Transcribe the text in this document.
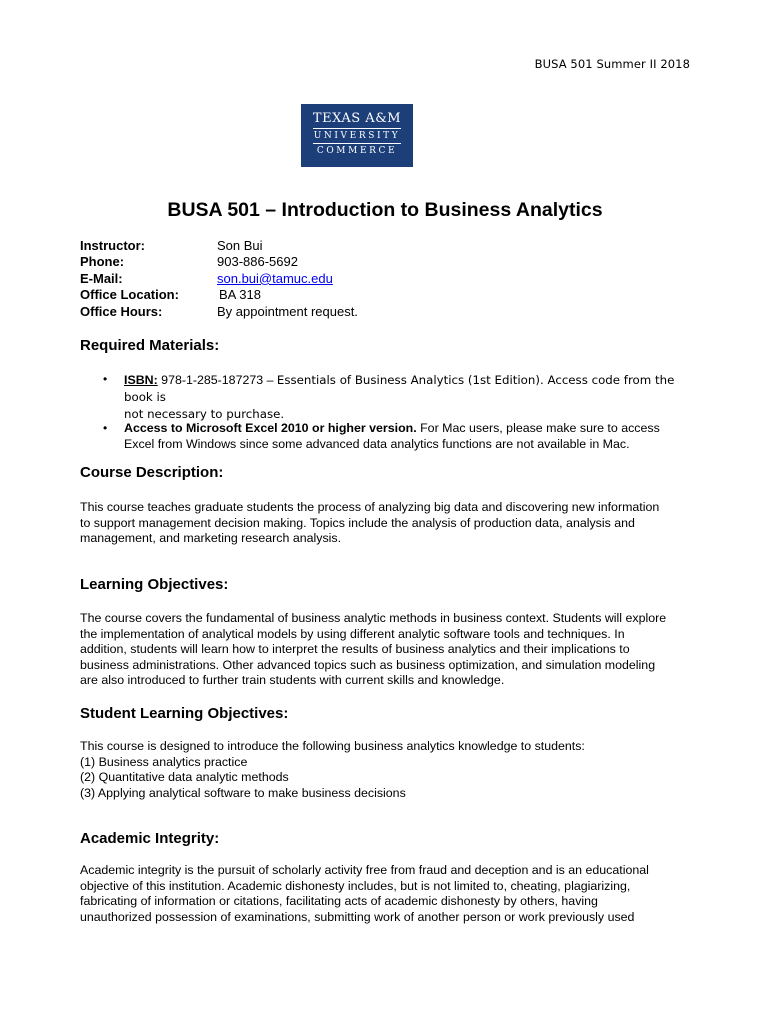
BUSA 501 Summer II 2018
TEXAS A&M
UNIVERSITY
COMMERCE
BUSA 501 – Introduction to Business Analytics
Instructor:	Son Bui
Phone:	903-886-5692
E-Mail:	son.bui@tamuc.edu
Office Location:	BA 318
Office Hours:	By appointment request.
Required Materials:
• ISBN: 978-1-285-187273 – Essentials of Business Analytics (1st Edition). Access code from the book is
not necessary to purchase.
• Access to Microsoft Excel 2010 or higher version. For Mac users, please make sure to access
Excel from Windows since some advanced data analytics functions are not available in Mac.
Course Description:
This course teaches graduate students the process of analyzing big data and discovering new information
to support management decision making. Topics include the analysis of production data, analysis and
management, and marketing research analysis.
Learning Objectives:
The course covers the fundamental of business analytic methods in business context. Students will explore
the implementation of analytical models by using different analytic software tools and techniques. In
addition, students will learn how to interpret the results of business analytics and their implications to
business administrations. Other advanced topics such as business optimization, and simulation modeling
are also introduced to further train students with current skills and knowledge.
Student Learning Objectives:
This course is designed to introduce the following business analytics knowledge to students:
(1) Business analytics practice
(2) Quantitative data analytic methods
(3) Applying analytical software to make business decisions
Academic Integrity:
Academic integrity is the pursuit of scholarly activity free from fraud and deception and is an educational
objective of this institution. Academic dishonesty includes, but is not limited to, cheating, plagiarizing,
fabricating of information or citations, facilitating acts of academic dishonesty by others, having
unauthorized possession of examinations, submitting work of another person or work previously used
